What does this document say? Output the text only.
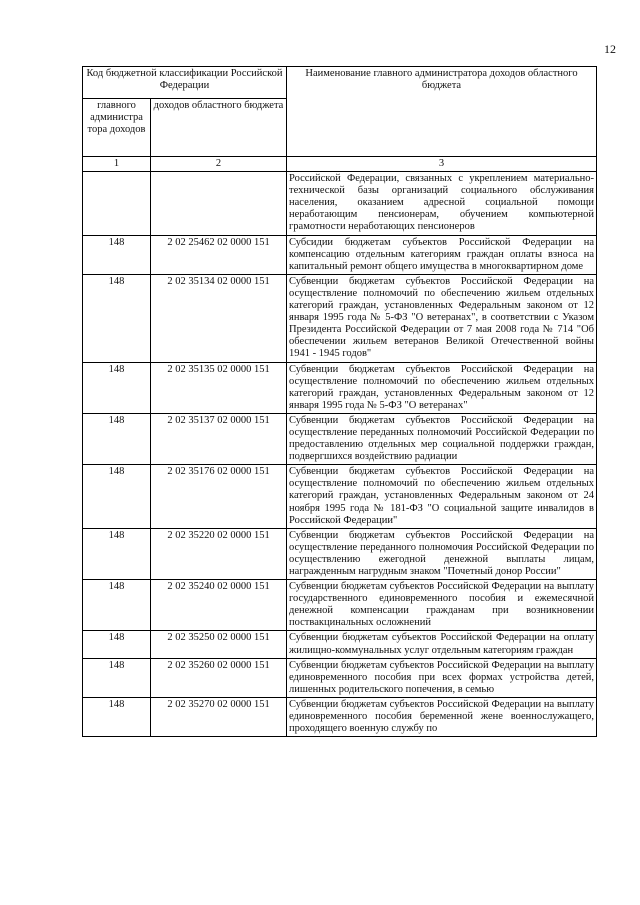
12
Код бюджетной классификации Российской Федерации		Наименование главного администратора доходов областного бюджета
главного администра тора доходов	доходов областного бюджета	
1	2	3
		Российской Федерации, связанных с укреплением материально-технической базы организаций социального обслуживания населения, оказанием адресной социальной помощи неработающим пенсионерам, обучением компьютерной грамотности неработающих пенсионеров
148	2 02 25462 02 0000 151	Субсидии бюджетам субъектов Российской Федерации на компенсацию отдельным категориям граждан оплаты взноса на капитальный ремонт общего имущества в многоквартирном доме
148	2 02 35134 02 0000 151	Субвенции бюджетам субъектов Российской Федерации на осуществление полномочий по обеспечению жильем отдельных категорий граждан, установленных Федеральным законом от 12 января 1995 года № 5-ФЗ "О ветеранах", в соответствии с Указом Президента Российской Федерации от 7 мая 2008 года № 714 "Об обеспечении жильем ветеранов Великой Отечественной войны 1941 - 1945 годов"
148	2 02 35135 02 0000 151	Субвенции бюджетам субъектов Российской Федерации на осуществление полномочий по обеспечению жильем отдельных категорий граждан, установленных Федеральным законом от 12 января 1995 года № 5-ФЗ "О ветеранах"
148	2 02 35137 02 0000 151	Субвенции бюджетам субъектов Российской Федерации на осуществление переданных полномочий Российской Федерации по предоставлению отдельных мер социальной поддержки граждан, подвергшихся воздействию радиации
148	2 02 35176 02 0000 151	Субвенции бюджетам субъектов Российской Федерации на осуществление полномочий по обеспечению жильем отдельных категорий граждан, установленных Федеральным законом от 24 ноября 1995 года № 181-ФЗ "О социальной защите инвалидов в Российской Федерации"
148	2 02 35220 02 0000 151	Субвенции бюджетам субъектов Российской Федерации на осуществление переданного полномочия Российской Федерации по осуществлению ежегодной денежной выплаты лицам, награжденным нагрудным знаком "Почетный донор России"
148	2 02 35240 02 0000 151	Субвенции бюджетам субъектов Российской Федерации на выплату государственного единовременного пособия и ежемесячной денежной компенсации гражданам при возникновении поствакцинальных осложнений
148	2 02 35250 02 0000 151	Субвенции бюджетам субъектов Российской Федерации на оплату жилищно-коммунальных услуг отдельным категориям граждан
148	2 02 35260 02 0000 151	Субвенции бюджетам субъектов Российской Федерации на выплату единовременного пособия при всех формах устройства детей, лишенных родительского попечения, в семью
148	2 02 35270 02 0000 151	Субвенции бюджетам субъектов Российской Федерации на выплату единовременного пособия беременной жене военнослужащего, проходящего военную службу по
